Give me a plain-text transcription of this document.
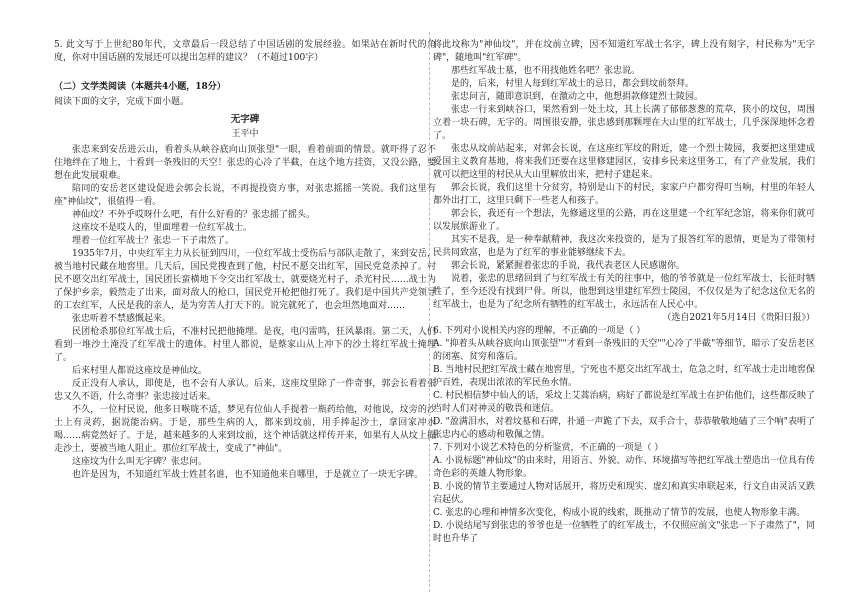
5. 此文写于上世纪80年代，文章最后一段总结了中国话剧的发展经验。如果站在新时代的角度，你对中国话剧的发展还可以提出怎样的建议？（不超过100字）

（二）文学类阅读（本题共4小题，18分）

阅读下面的文字，完成下面小题。

无字碑

王平中

张忠来到安岳进云山，看着头从峡谷底向山顶张望"一眼，看着前面的情景。就吓得了忍不住地绊在了地上，十看到一条残旧的天空！张忠的心冷了半截，在这个地方挂资，又没公路，要想在此发展艰难。

陪同的安岳老区建设促进会郭会长说，不再提投资方事，对张忠摇摇一笑说。我们这里有座"神仙坟"，很值得一看。

神仙坟？不外乎哎呀什么吧，有什么好看的？张忠摇了摇头。

这座坟不是哎人的，里面埋着一位红军战士。

埋着一位红军战士？张忠一下子肃然了。

1935年7月，中央红军主力从长征到四川，一位红军战士受伤后与部队走散了，来到安岳，被当地村民藏在地窖里。几天后，国民党搜查到了他，村民不愿交出红军，国民党竟杀掉了。村民不愿交出红军战士，国民团长蛮横地下令交出红军战士，就要烧光村子，杀光村民……战士为了保护乡亲，毅然走了出来，面对敌人的枪口，国民党开枪把他打死了。我们是中国共产党领导的工农红军，人民是我的亲人，是为穷苦人打天下的。说完就死了，也会坦然地面对……

张忠听着不禁感慨起来。

民团枪杀那位红军战士后，不准村民把他掩埋。是夜，电闪雷鸣，狂风暴雨。第二天，人们看到一堆沙土淹没了红军战士的遗体。村里人都说，是蔡家山从上冲下的沙土将红军战士掩埋了。

后来村里人都说这座坟是神仙坟。

反正没有人承认，即使是，也不会有人承认。后来，这座坟里除了一件奇事，郭会长看着张忠又久不语，什么奇事？张忠接过话来。

不久，一位村民说，他多日喉咙不适，梦见有位仙人手提着一瓶药给他，对他说，坟旁的沙土上有灵药，据说能治病。于是，那些生病的人，都来到坟前，用手捧起沙土，拿回家冲水喝……病竟然好了。于是，越来越多的人来到坟前，这个神话就这样传开来，如果有人从坟上撮走沙土，要被当地人阻止。那位红军战士，变成了"神仙"。

这座坟为什么叫无字碑？张忠问。

也许是因为，不知道红军战士姓甚名谁，也不知道他来自哪里，于是就立了一块无字碑。

将此坟称为"神仙坟"，并在坟前立碑，因不知道红军战士名字，碑上没有刻字，村民称为"无字碑"，随地叫"红军碑"。

那些红军战士墓，也不用找他姓名吧？张忠说。

是的，后来，村里人每到红军战士的忌日，都会到坟前祭拜。

张忠问言，随即意识到，在激动之中，他想捐款修建烈士陵园。

张忠一行来到峡谷口，果然看到一处土坟，其上长满了郁郁葱葱的荒草，狭小的坟包，周围立着一块石碑，无字的。周围很安静，张忠感到那颗埋在大山里的红军战士，几乎深深地怀念着了。

张忠从坟前站起来，对郭会长说，在这座红军坟的附近，建一个烈士陵园，我要把这里建成爱国主义教育基地，将来我们还要在这里修建园区，安排乡民来这里务工，有了产业发展，我们就可以把这里的村民从大山里解放出来，把村子建起来。

郭会长说，我们这里十分贫穷，特别是山下的村民，家家户户都穷得叮当响，村里的年轻人都外出打工，这里只剩下一些老人和孩子。

郭会长，我还有一个想法，先修通这里的公路，再在这里建一个红军纪念馆，将来你们就可以发展旅游业了。

其实不是我，是一种奉献精神，我这次来投资的，是为了报答红军的恩情，更是为了带领村民共同致富，也是为了红军的事业能够继续下去。

郭会长说，紧紧握着张忠的手说，我代表老区人民感谢你。

说着，张忠的思绪回到了与红军战士有关的往事中，他的爷爷就是一位红军战士，长征时牺牲了，至今还没有找到尸骨。所以，他想到这里建红军烈士陵园，不仅仅是为了纪念这位无名的红军战士，也是为了纪念所有牺牲的红军战士，永远活在人民心中。

（选自2021年5月14日《贵阳日报》）

6. 下列对小说相关内容的理解，不正确的一项是（ ）

A. "抑着头从峡谷底向山顶张望""才看到一条残旧的天空""心冷了半截"等细节，暗示了安岳老区的闭塞、贫穷和落后。

B. 当地村民把红军战士藏在地窖里，宁死也不愿交出红军战士，危急之时，红军战士走出地窖保护百姓，表现出浓浓的军民鱼水情。

C. 村民相信梦中仙人的话，采坟上艾蒿治病，病好了都说是红军战士在护佑他们，这些都反映了当时人们对神灵的敬畏和迷信。

D. "盈满泪水，对着坟墓和石碑，扑通一声跪了下去，双手合十，恭恭敬敬地磕了三个响"表明了张忠内心的感动和敬佩之情。

7. 下列对小说艺术特色的分析鉴赏，不正确的一项是（ ）

A. 小说标题"神仙坟"的由来时，用语言、外貌、动作、环境描写等把红军战士塑造出一位具有传奇色彩的英雄人物形象。

B. 小说的情节主要通过人物对话展开，将历史和现实、虚幻和真实串联起来，行文自由灵活又跌宕起伏。

C. 张忠的心理和神情多次变化，构成小说的线索，既推动了情节的发展，也使人物形象丰满。

D. 小说结尾写到张忠的爷爷也是一位牺牲了的红军战士，不仅照应前文"张忠一下子肃然了"，同时也升华了
